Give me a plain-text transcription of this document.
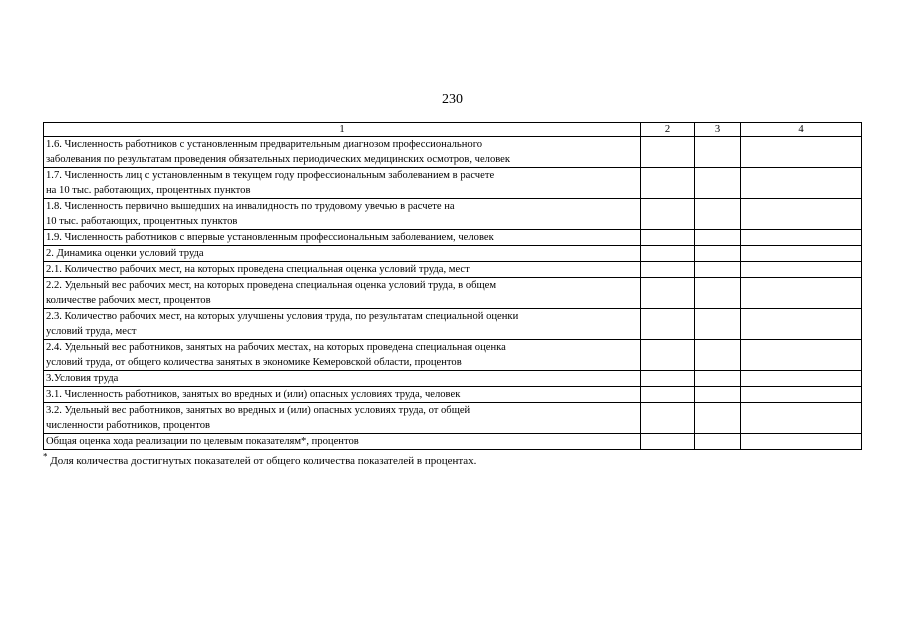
230
1	2	3	4

1.6. Численность работников с установленным предварительным диагнозом профессионального
заболевания по результатам проведения обязательных периодических медицинских осмотров, человек			

1.7. Численность лиц с установленным в текущем году профессиональным заболеванием в расчете
на 10 тыс. работающих, процентных пунктов			

1.8. Численность первично вышедших на инвалидность по трудовому увечью в расчете на
10 тыс. работающих, процентных пунктов			

1.9. Численность работников с впервые установленным профессиональным заболеванием, человек			

2. Динамика оценки условий труда			

2.1. Количество рабочих мест, на которых проведена специальная оценка условий труда, мест			

2.2. Удельный вес рабочих мест, на которых проведена специальная оценка условий труда, в общем
количестве рабочих мест, процентов			

2.3. Количество рабочих мест, на которых улучшены условия труда, по результатам специальной оценки
условий труда, мест			

2.4. Удельный вес работников, занятых на рабочих местах, на которых проведена специальная оценка
условий труда, от общего количества занятых в экономике Кемеровской области, процентов			

3.Условия труда			

3.1. Численность работников, занятых во вредных и (или) опасных условиях труда, человек			

3.2. Удельный вес работников, занятых во вредных и (или) опасных условиях труда, от общей
численности работников, процентов			

Общая оценка хода реализации по целевым показателям*, процентов			

* Доля количества достигнутых показателей от общего количества показателей в процентах.
